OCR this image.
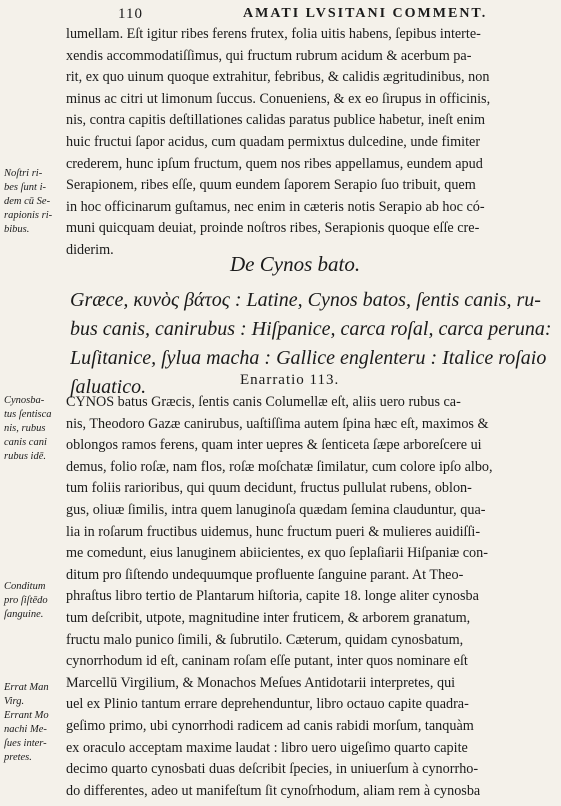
110	AMATI LVSITANI COMMENT.
lumellam. Eſt igitur ribes ferens frutex, folia uitis habens, ſepibus interte-
xendis accommodatiſſimus, qui fructum rubrum acidum & acerbum pa-
rit, ex quo uinum quoque extrahitur, febribus, & calidis ægritudinibus, non
minus ac citri ut limonum ſuccus. Conueniens, & ex eo ſirupus in officinis,
nis, contra capitis deſtillationes calidas paratus publice habetur, ineſt enim
huic fructui ſapor acidus, cum quadam permixtus dulcedine, unde fimiter
crederem, hunc ipſum fructum, quem nos ribes appellamus, eundem apud
Serapionem, ribes eſſe, quum eundem ſaporem Serapio ſuo tribuit, quem
in hoc officinarum guſtamus, nec enim in cæteris notis Serapio ab hoc có-
muni quicquam deuiat, proinde noſtros ribes, Serapionis quoque eſſe cre-
diderim.
De Cynos bato.
Græce, κυνὸς βάτος : Latine, Cynos batos, ſentis canis, ru-
bus canis, canirubus : Hiſpanice, carca roſal, carca peruna:
Luſitanice, ſylua macha : Gallice englenteru : Italice roſaio
ſaluatico.	Enarratio 113.
CYNOS batus Græcis, ſentis canis Columellæ eſt, aliis uero rubus ca-
nis, Theodoro Gazæ canirubus, uaſtiſſima autem ſpina hæc eſt, maximos &
oblongos ramos ferens, quam inter uepres & ſenticeta ſæpe arboreſcere ui
demus, folio roſæ, nam flos, roſæ moſchatæ ſimilatur, cum colore ipſo albo,
tum foliis rarioribus, qui quum decidunt, fructus pullulat rubens, oblon-
gus, oliuæ ſimilis, intra quem lanuginoſa quædam ſemina clauduntur, qua-
lia in roſarum fructibus uidemus, hunc fructum pueri & mulieres auidiſſi-
me comedunt, eius lanuginem abiicientes, ex quo ſeplaſiarii Hiſpaniæ con-
ditum pro ſiſtendo undequumque profluente ſanguine parant. At Theo-
phraſtus libro tertio de Plantarum hiſtoria, capite 18. longe aliter cynosba
tum deſcribit, utpote, magnitudine inter fruticem, & arborem granatum,
fructu malo punico ſimili, & ſubrutilo. Cæterum, quidam cynosbatum,
cynorrhodum id eſt, caninam roſam eſſe putant, inter quos nominare eſt
Marcellū Virgilium, & Monachos Meſues Antidotarii interpretes, qui
uel ex Plinio tantum errare deprehenduntur, libro octauo capite quadra-
geſimo primo, ubi cynorrhodi radicem ad canis rabidi morſum, tanquàm
ex oraculo acceptam maxime laudat : libro uero uigeſimo quarto capite
decimo quarto cynosbati duas deſcribit ſpecies, in uniuerſum à cynorrho-
do differentes, adeo ut manifeſtum ſit cynoſrhodum, aliam rem à cynosba
Noſtri ri-
bes ſunt i-
dem cū Se-
rapionis ri-
bibus.
Cynosba-
tus ſentisca
nis, rubus
canis cani
rubus idē.
Conditum
pro ſiſtēdo
ſanguine.
Errat Man
Virg.
Errant Mo
nachi Me-
ſues inter-
pretes.
